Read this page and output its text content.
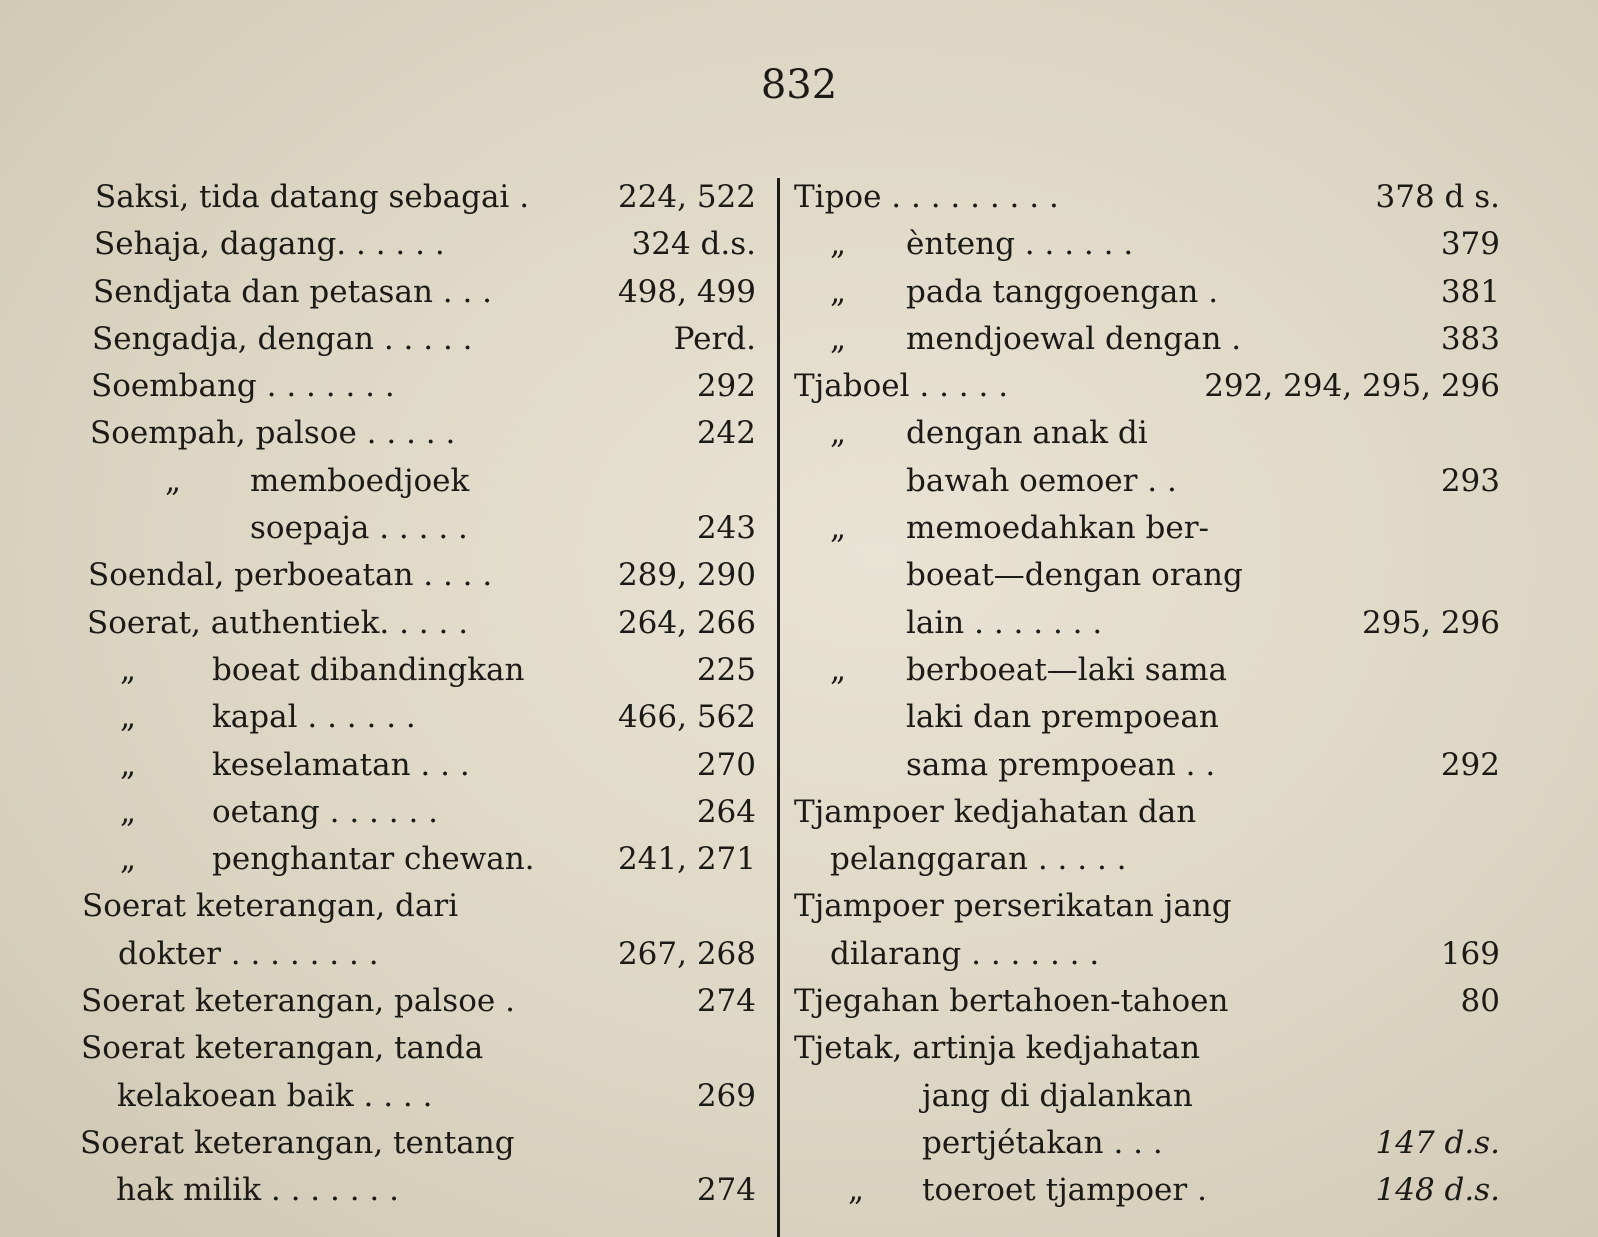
832
Saksi, tida datang sebagai .	224, 522
Sehaja, dagang. . . . . .	324 d.s.
Sendjata dan petasan . . .	498, 499
Sengadja, dengan . . . . .	Perd.
Soembang . . . . . . .	292
Soempah, palsoe . . . . .	242
„ memboedjoek
soepaja . . . . .	243
Soendal, perboeatan . . . .	289, 290
Soerat, authentiek. . . . .	264, 266
„ boeat dibandingkan	225
„ kapal . . . . . .	466, 562
„ keselamatan . . .	270
„ oetang . . . . . .	264
„ penghantar chewan.	241, 271
Soerat keterangan, dari
dokter . . . . . . . .	267, 268
Soerat keterangan, palsoe .	274
Soerat keterangan, tanda
kelakoean baik . . . .	269
Soerat keterangan, tentang
hak milik . . . . . . .	274
Tipoe . . . . . . . . .	378 d s.
„ ènteng . . . . . .	379
„ pada tanggoengan .	381
„ mendjoewal dengan .	383
Tjaboel . . . . .	292, 294, 295, 296
„ dengan anak di
bawah oemoer . .	293
„ memoedahkan ber-
boeat—dengan orang
lain . . . . . . .	295, 296
„ berboeat—laki sama
laki dan prempoean
sama prempoean . .	292
Tjampoer kedjahatan dan
pelanggaran . . . . .
Tjampoer perserikatan jang
dilarang . . . . . . .	169
Tjegahan bertahoen-tahoen	80
Tjetak, artinja kedjahatan
jang di djalankan
pertjétakan . . .	147 d.s.
„ toeroet tjampoer .	148 d.s.
